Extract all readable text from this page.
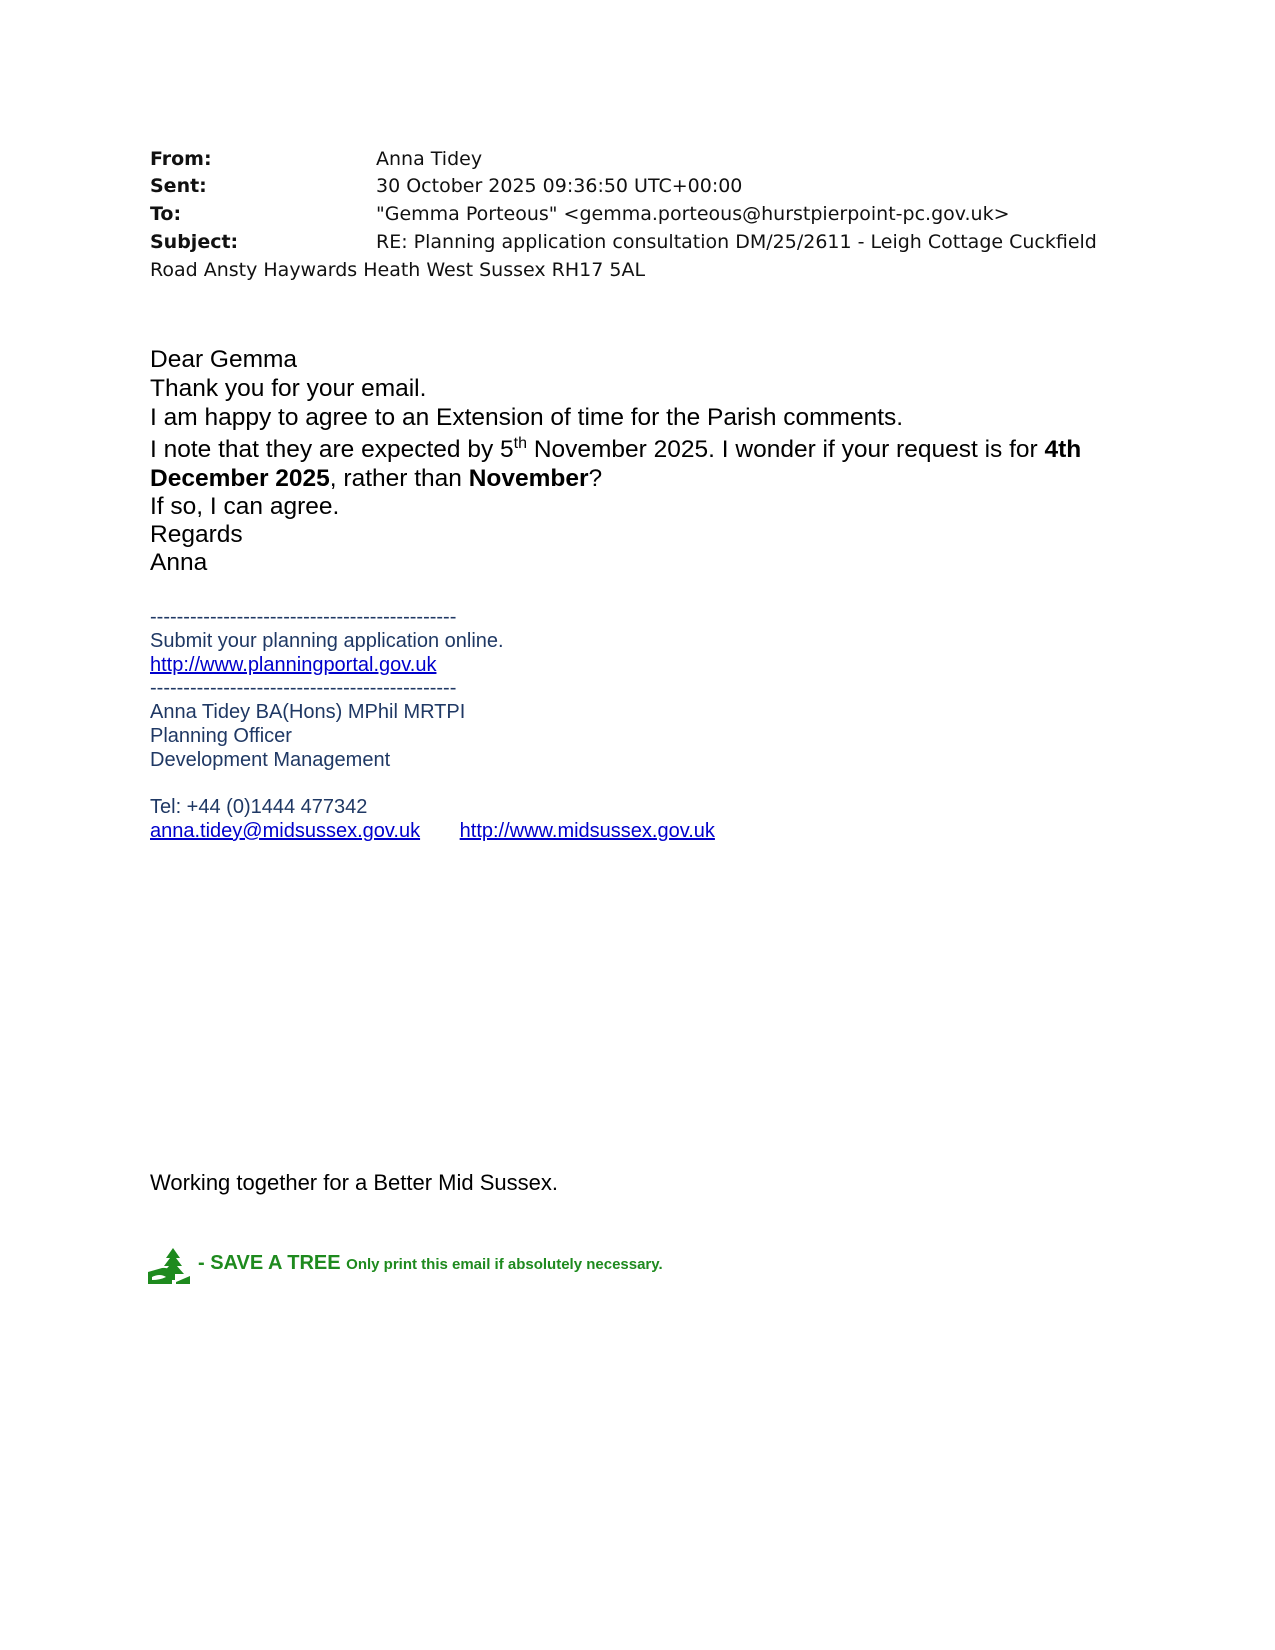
From:	Anna Tidey
Sent:	30 October 2025 09:36:50 UTC+00:00
To:	"Gemma Porteous" <gemma.porteous@hurstpierpoint-pc.gov.uk>
Subject:	RE: Planning application consultation DM/25/2611 - Leigh Cottage Cuckfield
Road Ansty Haywards Heath West Sussex RH17 5AL
Dear Gemma
Thank you for your email.
I am happy to agree to an Extension of time for the Parish comments.
I note that they are expected by 5th November 2025. I wonder if your request is for 4th
December 2025, rather than November?
If so, I can agree.
Regards
Anna
----------------------------------------------
Submit your planning application online.
http://www.planningportal.gov.uk
----------------------------------------------
Anna Tidey BA(Hons) MPhil MRTPI
Planning Officer
Development Management
Tel: +44 (0)1444 477342
anna.tidey@midsussex.gov.uk http://www.midsussex.gov.uk
Working together for a Better Mid Sussex.
- SAVE A TREE Only print this email if absolutely necessary.
